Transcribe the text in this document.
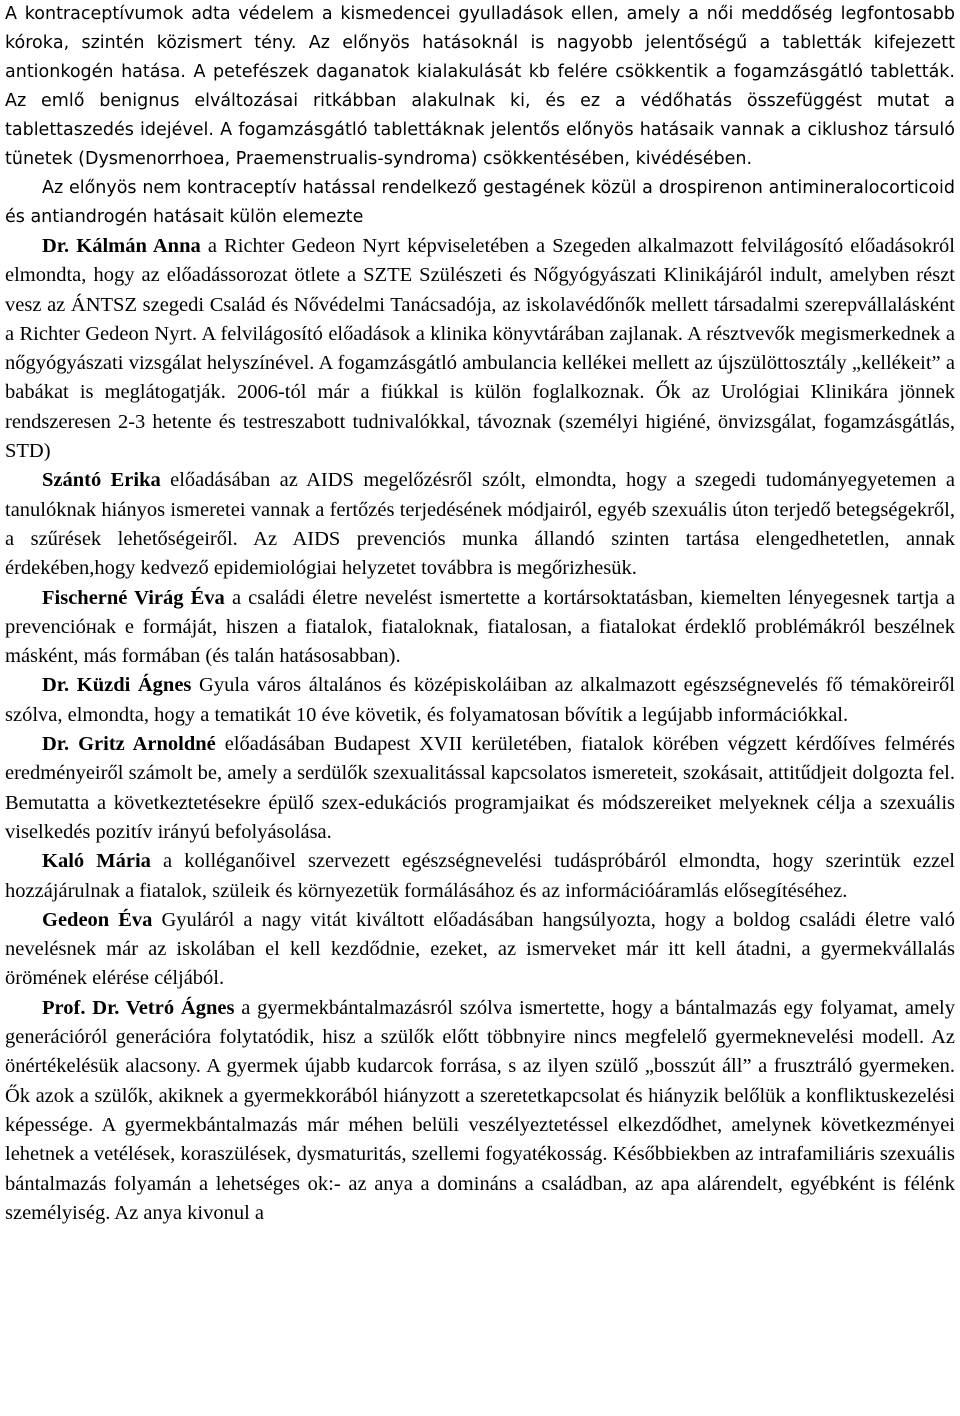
A kontraceptívumok adta védelem a kismedencei gyulladások ellen, amely a női meddőség legfontosabb kórokа, szintén közismert tény. Az előnyös hatásoknál is nagyobb jelentőségű a tabletták kifejezett antionkogén hatása. A petefészek daganatok kialakulását kb felére csökkentik a fogamzásgátló tabletták. Az emlő benignus elváltozásai ritkábban alakulnak ki, és ez a védőhatás összefüggést mutat a tablettaszedés idejével. A fogamzásgátló tablettáknak jelentős előnyös hatásaik vannak a ciklushoz társuló tünetek (Dysmenorrhoea, Praemenstrualis-syndroma) csökkentésében, kivédésében.

Az előnyös nem kontraceptív hatással rendelkező gestagének közül a drospirenon antimineralocorticoid és antiandrogén hatásait külön elemezte

Dr. Kálmán Anna a Richter Gedeon Nyrt képviseletében a Szegeden alkalmazott felvilágosító előadásokról elmondta, hogy az előadássorozat ötlete a SZTE Szülészeti és Nőgyógyászati Klinikájáról indult, amelyben részt vesz az ÁNTSZ szegedi Család és Nővédelmi Tanácsadója, az iskolavédőnők mellett társadalmi szerepvállalásként a Richter Gedeon Nyrt. A felvilágosító előadások a klinika könyvtárában zajlanak. A résztvevők megismerkednek a nőgyógyászati vizsgálat helyszínével. A fogamzásgátló ambulancia kellékei mellett az újszülöttosztály „kellékeit” a babákat is meglátogatják. 2006-tól már a fiúkkal is külön foglalkoznak. Ők az Urológiai Klinikára jönnek rendszeresen 2-3 hetente és testreszabott tudnivalókkal, távoznak (személyi higiéné, önvizsgálat, fogamzásgátlás, STD)

Szántó Erika előadásában az AIDS megelőzésről szólt, elmondta, hogy a szegedi tudományegyetemen a tanulóknak hiányos ismeretei vannak a fertőzés terjedésének módjairól, egyéb szexuális úton terjedő betegségekről, a szűrések lehetőségeiről. Az AIDS prevenciós munka állandó szinten tartása elengedhetetlen, annak érdekében,hogy kedvező epidemiológiai helyzetet továbbra is megőrizhesük.

Fischerné Virág Éva a családi életre nevelést ismertette a kortársoktatásban, kiemelten lényegesnek tartja a prevencióнak e formáját, hiszen a fiatalok, fiataloknak, fiatalosan, a fiatalokat érdeklő problémákról beszélnek másként, más formában (és talán hatásosabban).

Dr. Küzdi Ágnes Gyula város általános és középiskoláiban az alkalmazott egészségnevelés fő témaköreiről szólva, elmondta, hogy a tematikát 10 éve követik, és folyamatosan bővítik a legújabb információkkal.

Dr. Gritz Arnoldné előadásában Budapest XVII kerületében, fiatalok körében végzett kérdőíves felmérés eredményeiről számolt be, amely a serdülők szexualitással kapcsolatos ismereteit, szokásait, attitűdjeit dolgozta fel. Bemutatta a következtetésekre épülő szex-edukációs programjaikat és módszereiket melyeknek célja a szexuális viselkedés pozitív irányú befolyásolása.

Kaló Mária a kolléganőivel szervezett egészségnevelési tudáspróbáról elmondta, hogy szerintük ezzel hozzájárulnak a fiatalok, szüleik és környezetük formálásához és az információáramlás elősegítéséhez.

Gedeon Éva Gyuláról a nagy vitát kiváltott előadásában hangsúlyozta, hogy a boldog családi életre való nevelésnek már az iskolában el kell kezdődnie, ezeket, az ismerveket már itt kell átadni, a gyermekvállalás örömének elérése céljából.

Prof. Dr. Vetró Ágnes a gyermekbántalmazásról szólva ismertette, hogy a bántalmazás egy folyamat, amely generációról generációra folytatódik, hisz a szülők előtt többnyire nincs megfelelő gyermeknevelési modell. Az önértékelésük alacsony. A gyermek újabb kudarcok forrása, s az ilyen szülő „bosszút áll” a frusztráló gyermeken. Ők azok a szülők, akiknek a gyermekkorából hiányzott a szeretetkapcsolat és hiányzik belőlük a konfliktuskezelési képessége. A gyermekbántalmazás már méhen belüli veszélyeztetéssel elkezdődhet, amelynek következményei lehetnek a vetélések, koraszülések, dysmaturitás, szellemi fogyatékosság. Későbbiekben az intrafamiliáris szexuális bántalmazás folyamán a lehetséges ok:- az anya a domináns a családban, az apa alárendelt, egyébként is félénk személyiség. Az anya kivonul a
